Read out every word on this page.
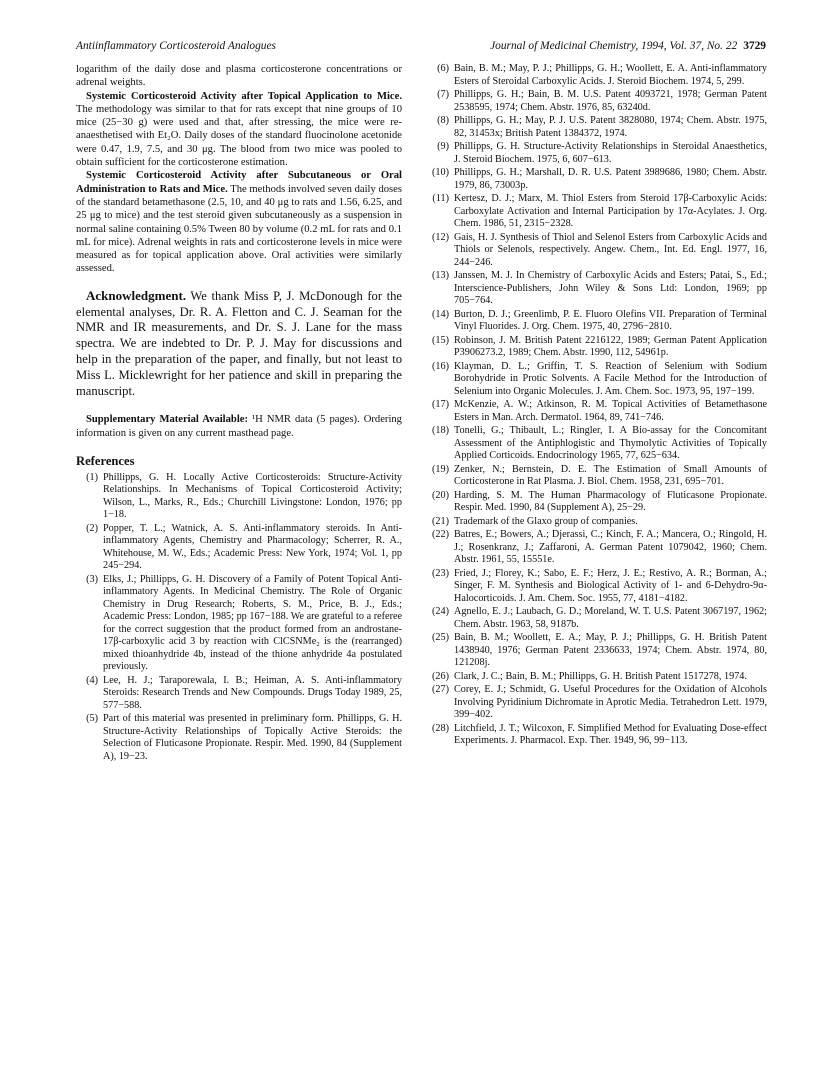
Antiinflammatory Corticosteroid Analogues	Journal of Medicinal Chemistry, 1994, Vol. 37, No. 22 3729

logarithm of the daily dose and plasma corticosterone concentrations or adrenal weights.

Systemic Corticosteroid Activity after Topical Application to Mice. The methodology was similar to that for rats except that nine groups of 10 mice (25−30 g) were used and that, after stressing, the mice were re-anaesthetised with Et₂O. Daily doses of the standard fluocinolone acetonide were 0.47, 1.9, 7.5, and 30 μg. The blood from two mice was pooled to obtain sufficient for the corticosterone estimation.

Systemic Corticosteroid Activity after Subcutaneous or Oral Administration to Rats and Mice. The methods involved seven daily doses of the standard betamethasone (2.5, 10, and 40 μg to rats and 1.56, 6.25, and 25 μg to mice) and the test steroid given subcutaneously as a suspension in normal saline containing 0.5% Tween 80 by volume (0.2 mL for rats and 0.1 mL for mice). Adrenal weights in rats and corticosterone levels in mice were measured as for topical application above. Oral activities were similarly assessed.

Acknowledgment. We thank Miss P, J. McDonough for the elemental analyses, Dr. R. A. Fletton and C. J. Seaman for the NMR and IR measurements, and Dr. S. J. Lane for the mass spectra. We are indebted to Dr. P. J. May for discussions and help in the preparation of the paper, and finally, but not least to Miss L. Micklewright for her patience and skill in preparing the manuscript.

Supplementary Material Available: ¹H NMR data (5 pages). Ordering information is given on any current masthead page.

References
(1) Phillipps, G. H. Locally Active Corticosteroids: Structure-Activity Relationships. In Mechanisms of Topical Corticosteroid Activity; Wilson, L., Marks, R., Eds.; Churchill Livingstone: London, 1976; pp 1−18.
(2) Popper, T. L.; Watnick, A. S. Anti-inflammatory steroids. In Anti-inflammatory Agents, Chemistry and Pharmacology; Scherrer, R. A., Whitehouse, M. W., Eds.; Academic Press: New York, 1974; Vol. 1, pp 245−294.
(3) Elks, J.; Phillipps, G. H. Discovery of a Family of Potent Topical Anti-inflammatory Agents. In Medicinal Chemistry. The Role of Organic Chemistry in Drug Research; Roberts, S. M., Price, B. J., Eds.; Academic Press: London, 1985; pp 167−188. We are grateful to a referee for the correct suggestion that the product formed from an androstane-17β-carboxylic acid 3 by reaction with ClCSNMe₂ is the (rearranged) mixed thioanhydride 4b, instead of the thione anhydride 4a postulated previously.
(4) Lee, H. J.; Taraporewala, I. B.; Heiman, A. S. Anti-inflammatory Steroids: Research Trends and New Compounds. Drugs Today 1989, 25, 577−588.
(5) Part of this material was presented in preliminary form. Phillipps, G. H. Structure-Activity Relationships of Topically Active Steroids: the Selection of Fluticasone Propionate. Respir. Med. 1990, 84 (Supplement A), 19−23.
(6) Bain, B. M.; May, P. J.; Phillipps, G. H.; Woollett, E. A. Anti-inflammatory Esters of Steroidal Carboxylic Acids. J. Steroid Biochem. 1974, 5, 299.
(7) Phillipps, G. H.; Bain, B. M. U.S. Patent 4093721, 1978; German Patent 2538595, 1974; Chem. Abstr. 1976, 85, 63240d.
(8) Phillipps, G. H.; May, P. J. U.S. Patent 3828080, 1974; Chem. Abstr. 1975, 82, 31453x; British Patent 1384372, 1974.
(9) Phillipps, G. H. Structure-Activity Relationships in Steroidal Anaesthetics, J. Steroid Biochem. 1975, 6, 607−613.
(10) Phillipps, G. H.; Marshall, D. R. U.S. Patent 3989686, 1980; Chem. Abstr. 1979, 86, 73003p.
(11) Kertesz, D. J.; Marx, M. Thiol Esters from Steroid 17β-Carboxylic Acids: Carboxylate Activation and Internal Participation by 17α-Acylates. J. Org. Chem. 1986, 51, 2315−2328.
(12) Gais, H. J. Synthesis of Thiol and Selenol Esters from Carboxylic Acids and Thiols or Selenols, respectively. Angew. Chem., Int. Ed. Engl. 1977, 16, 244−246.
(13) Janssen, M. J. In Chemistry of Carboxylic Acids and Esters; Patai, S., Ed.; Interscience-Publishers, John Wiley & Sons Ltd: London, 1969; pp 705−764.
(14) Burton, D. J.; Greenlimb, P. E. Fluoro Olefins VII. Preparation of Terminal Vinyl Fluorides. J. Org. Chem. 1975, 40, 2796−2810.
(15) Robinson, J. M. British Patent 2216122, 1989; German Patent Application P3906273.2, 1989; Chem. Abstr. 1990, 112, 54961p.
(16) Klayman, D. L.; Griffin, T. S. Reaction of Selenium with Sodium Borohydride in Protic Solvents. A Facile Method for the Introduction of Selenium into Organic Molecules. J. Am. Chem. Soc. 1973, 95, 197−199.
(17) McKenzie, A. W.; Atkinson, R. M. Topical Activities of Betamethasone Esters in Man. Arch. Dermatol. 1964, 89, 741−746.
(18) Tonelli, G.; Thibault, L.; Ringler, I. A Bio-assay for the Concomitant Assessment of the Antiphlogistic and Thymolytic Activities of Topically Applied Corticoids. Endocrinology 1965, 77, 625−634.
(19) Zenker, N.; Bernstein, D. E. The Estimation of Small Amounts of Corticosterone in Rat Plasma. J. Biol. Chem. 1958, 231, 695−701.
(20) Harding, S. M. The Human Pharmacology of Fluticasone Propionate. Respir. Med. 1990, 84 (Supplement A), 25−29.
(21) Trademark of the Glaxo group of companies.
(22) Batres, E.; Bowers, A.; Djerassi, C.; Kinch, F. A.; Mancera, O.; Ringold, H. J.; Rosenkranz, J.; Zaffaroni, A. German Patent 1079042, 1960; Chem. Abstr. 1961, 55, 15551e.
(23) Fried, J.; Florey, K.; Sabo, E. F.; Herz, J. E.; Restivo, A. R.; Borman, A.; Singer, F. M. Synthesis and Biological Activity of 1- and 6-Dehydro-9α-Halocorticoids. J. Am. Chem. Soc. 1955, 77, 4181−4182.
(24) Agnello, E. J.; Laubach, G. D.; Moreland, W. T. U.S. Patent 3067197, 1962; Chem. Abstr. 1963, 58, 9187b.
(25) Bain, B. M.; Woollett, E. A.; May, P. J.; Phillipps, G. H. British Patent 1438940, 1976; German Patent 2336633, 1974; Chem. Abstr. 1974, 80, 121208j.
(26) Clark, J. C.; Bain, B. M.; Phillipps, G. H. British Patent 1517278, 1974.
(27) Corey, E. J.; Schmidt, G. Useful Procedures for the Oxidation of Alcohols Involving Pyridinium Dichromate in Aprotic Media. Tetrahedron Lett. 1979, 399−402.
(28) Litchfield, J. T.; Wilcoxon, F. Simplified Method for Evaluating Dose-effect Experiments. J. Pharmacol. Exp. Ther. 1949, 96, 99−113.
